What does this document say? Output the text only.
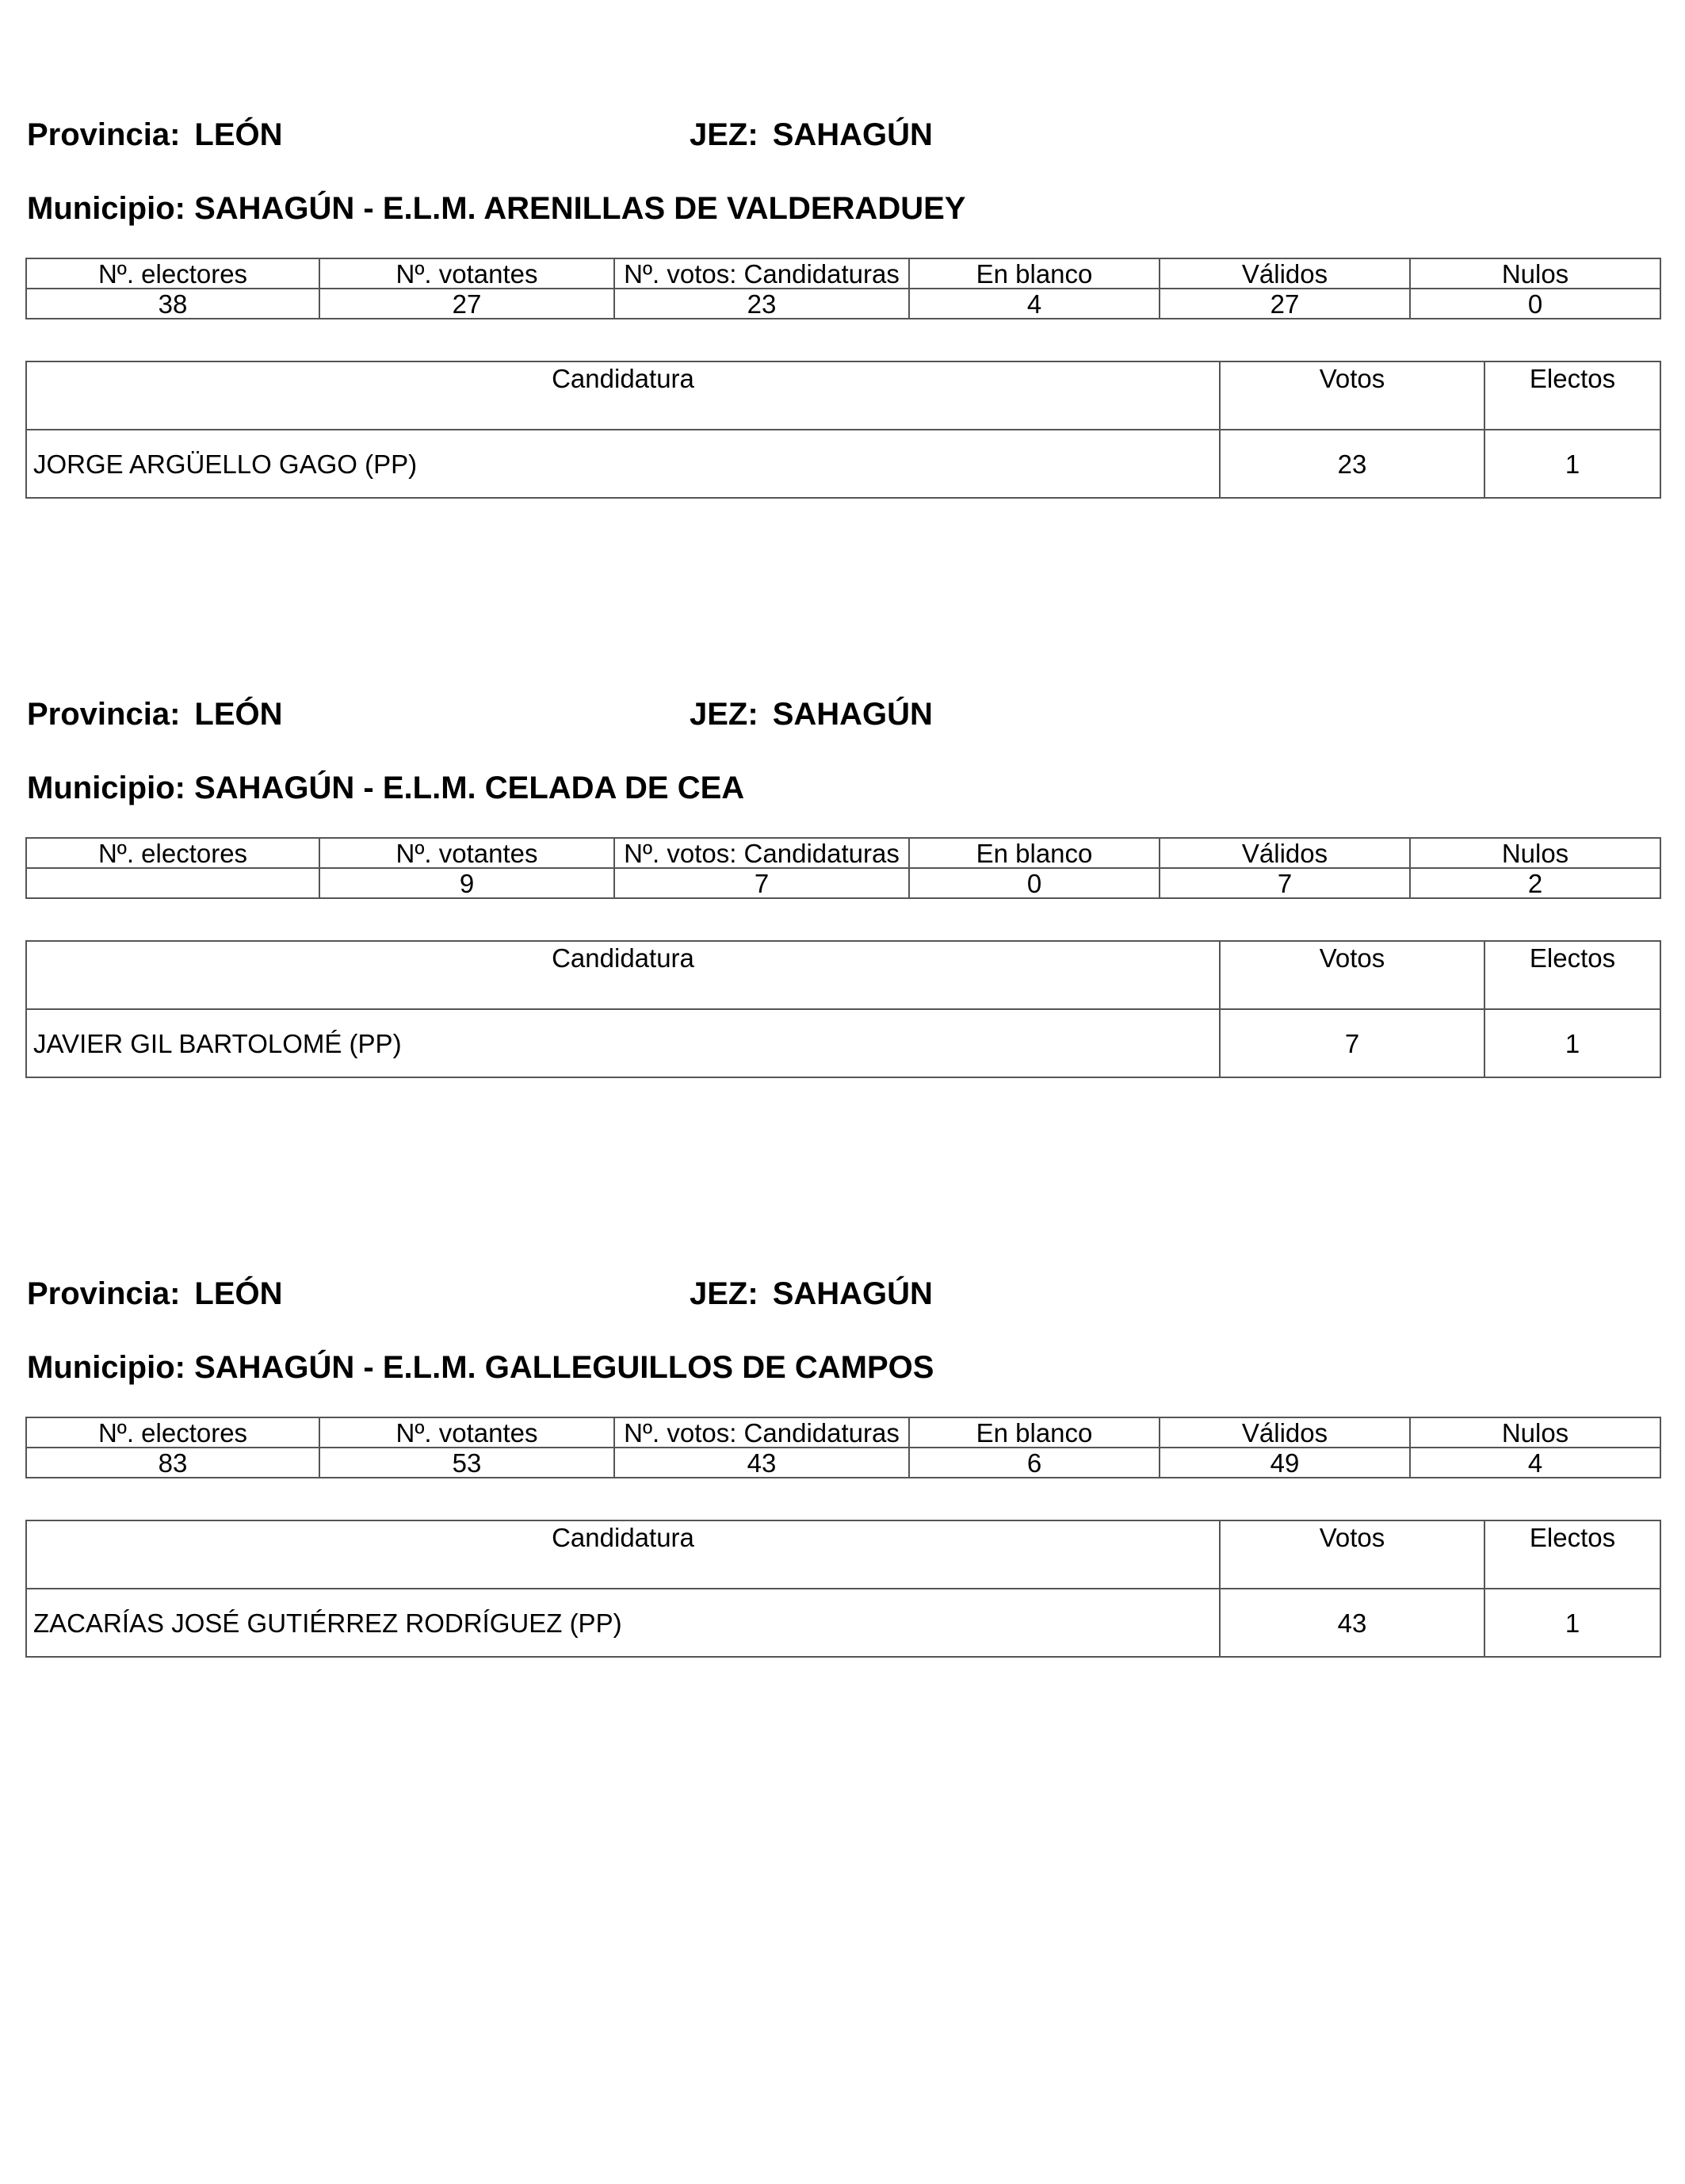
Provincia: LEÓN	JEZ: SAHAGÚN
Municipio: SAHAGÚN - E.L.M. ARENILLAS DE VALDERADUEY
Nº. electores	Nº. votantes	Nº. votos: Candidaturas	En blanco	Válidos	Nulos
38	27	23	4	27	0
Candidatura	Votos	Electos
JORGE ARGÜELLO GAGO (PP)	23	1
Provincia: LEÓN	JEZ: SAHAGÚN
Municipio: SAHAGÚN - E.L.M. CELADA DE CEA
Nº. electores	Nº. votantes	Nº. votos: Candidaturas	En blanco	Válidos	Nulos
	9	7	0	7	2
Candidatura	Votos	Electos
JAVIER GIL BARTOLOMÉ (PP)	7	1
Provincia: LEÓN	JEZ: SAHAGÚN
Municipio: SAHAGÚN - E.L.M. GALLEGUILLOS DE CAMPOS
Nº. electores	Nº. votantes	Nº. votos: Candidaturas	En blanco	Válidos	Nulos
83	53	43	6	49	4
Candidatura	Votos	Electos
ZACARÍAS JOSÉ GUTIÉRREZ RODRÍGUEZ (PP)	43	1
